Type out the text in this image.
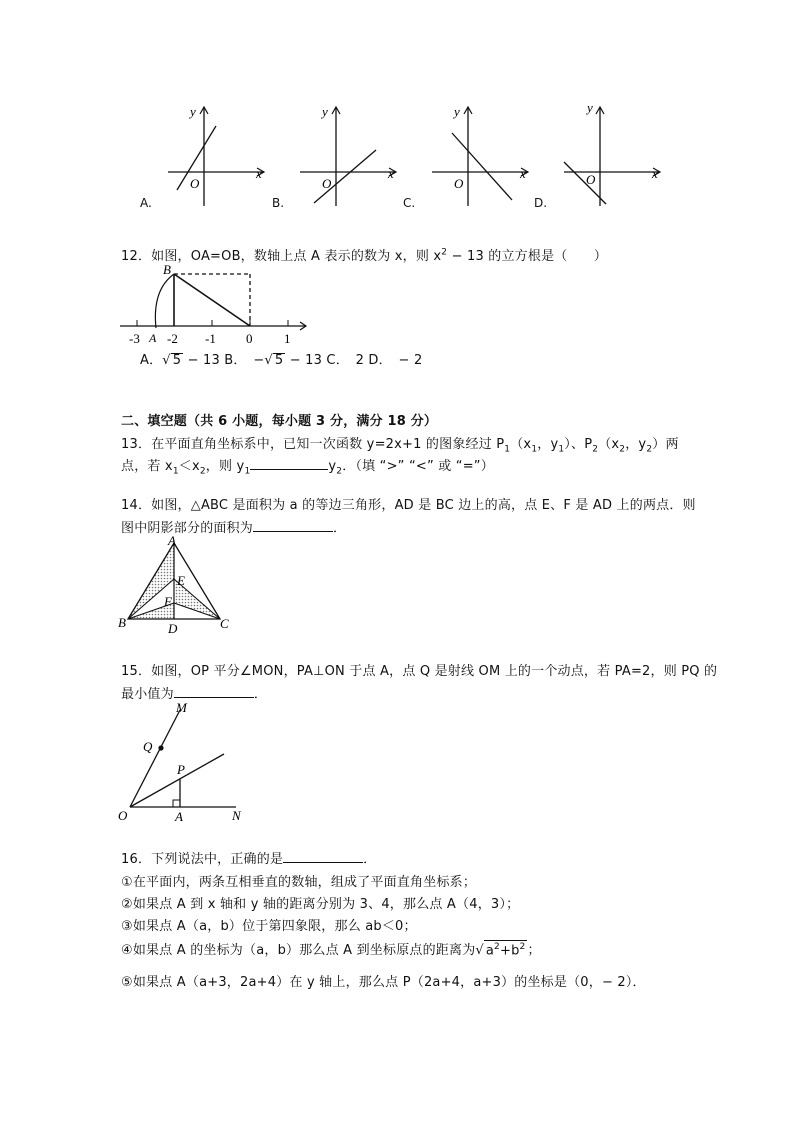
y
x
O
A.
y
x
O
B.
y
x
O
C.
y
x
O
D.
12．如图，OA=OB，数轴上点 A 表示的数为 x，则 $x^2 - 13$ 的立方根是（　　）
B
A
-3 -2 -1 0 1
A．√ 5 − 13 B．　−√ 5 − 13 C．　2 D．　− 2
二、填空题（共 6 小题，每小题 3 分，满分 18 分）
13．在平面直角坐标系中，已知一次函数 y=2x+1 的图象经过 $P_1(x_1$，$y_1$）、$P_2(x_2$，$y_2$）两
点，若 $x_1<x_2$，则 $y_1$	$y_2$．（填 “>” “<” 或 “=”）
14．如图，△ABC 是面积为 a 的等边三角形，AD 是 BC 边上的高，点 E、F 是 AD 上的两点．则
图中阴影部分的面积为	．
A
B	C
D
E
F
15．如图，OP 平分∠MON，PA⊥ON 于点 A，点 Q 是射线 OM 上的一个动点，若 PA=2，则 PQ 的
最小值为	．
M
Q
P
O	A	N
16．下列说法中，正确的是	．
①在平面内，两条互相垂直的数轴，组成了平面直角坐标系；
②如果点 A 到 x 轴和 y 轴的距离分别为 3、4，那么点 A（4，3）；
③如果点 A（a，b）位于第四象限，那么 ab＜0；
④如果点 A 的坐标为（a，b）那么点 A 到坐标原点的距离为√ $a^2+b^2$ ；
⑤如果点 A（a+3，2a+4）在 y 轴上，那么点 P（2a+4，a+3）的坐标是（0，− 2）．
